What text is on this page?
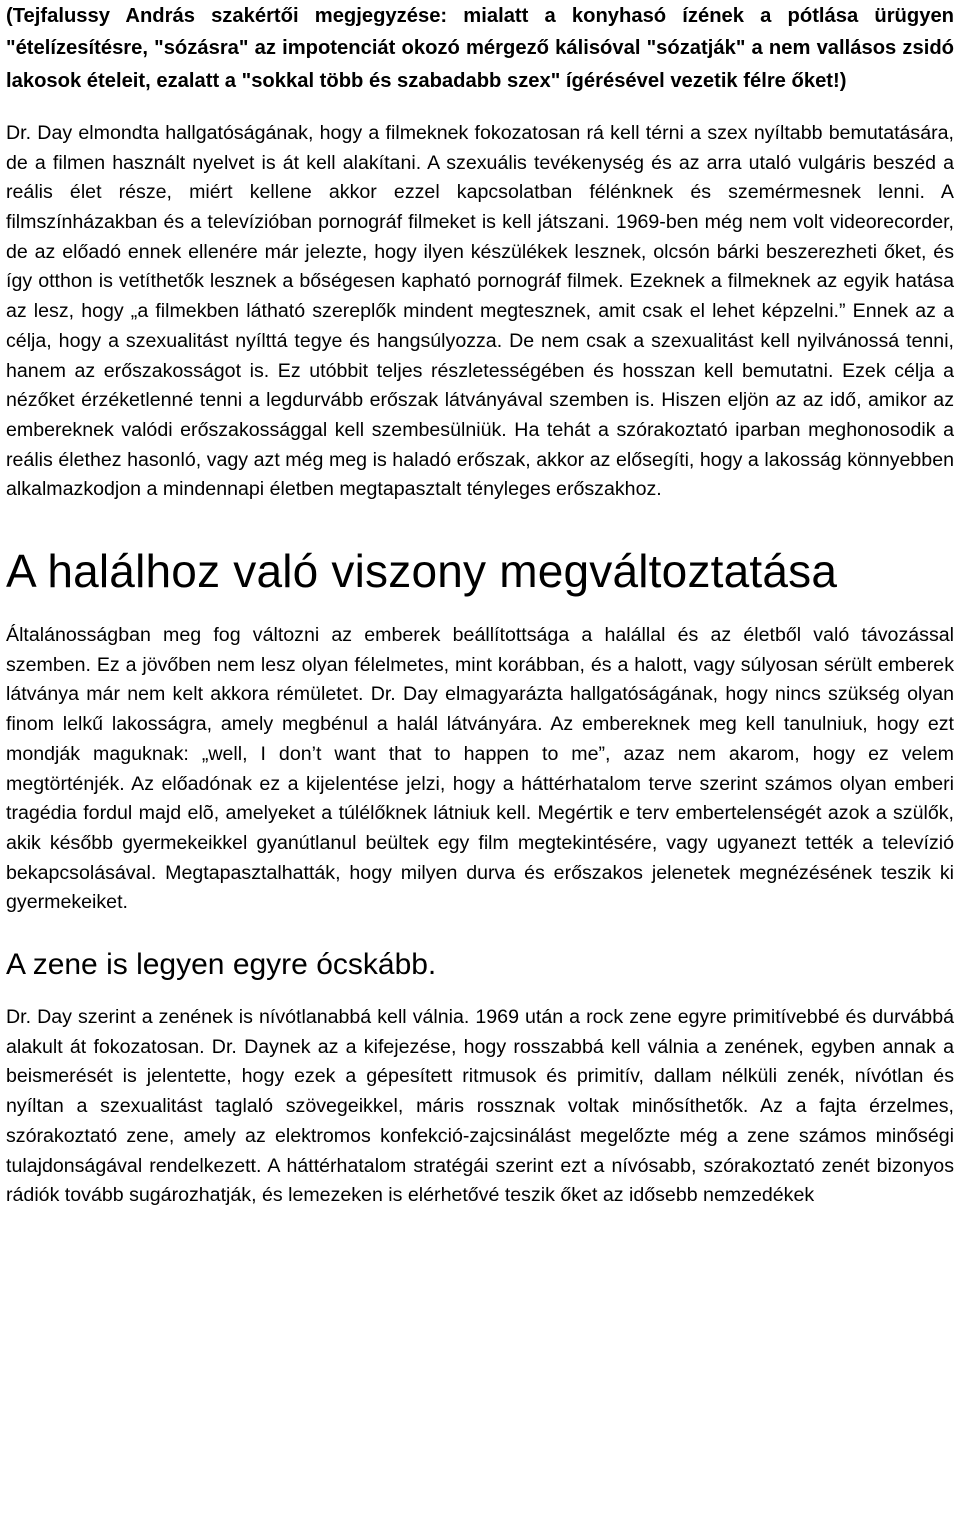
(Tejfalussy András szakértői megjegyzése: mialatt a konyhasó ízének a pótlása ürügyen "ételízesítésre, "sózásra" az impotenciát okozó mérgező kálisóval "sózatják" a nem vallásos zsidó lakosok ételeit, ezalatt a "sokkal több és szabadabb szex" ígérésével vezetik félre őket!)

Dr. Day elmondta hallgatóságának, hogy a filmeknek fokozatosan rá kell térni a szex nyíltabb bemutatására, de a filmen használt nyelvet is át kell alakítani. A szexuális tevékenység és az arra utaló vulgáris beszéd a reális élet része, miért kellene akkor ezzel kapcsolatban félénknek és szemérmesnek lenni. A filmszínházakban és a televízióban pornográf filmeket is kell játszani. 1969-ben még nem volt videorecorder, de az előadó ennek ellenére már jelezte, hogy ilyen készülékek lesznek, olcsón bárki beszerezheti őket, és így otthon is vetíthetők lesznek a bőségesen kapható pornográf filmek. Ezeknek a filmeknek az egyik hatása az lesz, hogy „a filmekben látható szereplők mindent megtesznek, amit csak el lehet képzelni.” Ennek az a célja, hogy a szexualitást nyílttá tegye és hangsúlyozza. De nem csak a szexualitást kell nyilvánossá tenni, hanem az erőszakosságot is. Ez utóbbit teljes részletességében és hosszan kell bemutatni. Ezek célja a nézőket érzéketlenné tenni a legdurvább erőszak látványával szemben is. Hiszen eljön az az idő, amikor az embereknek valódi erőszakossággal kell szembesülniük. Ha tehát a szórakoztató iparban meghonosodik a reális élethez hasonló, vagy azt még meg is haladó erőszak, akkor az elősegíti, hogy a lakosság könnyebben alkalmazkodjon a mindennapi életben megtapasztalt tényleges erőszakhoz.

A halálhoz való viszony megváltoztatása

Általánosságban meg fog változni az emberek beállítottsága a halállal és az életből való távozással szemben. Ez a jövőben nem lesz olyan félelmetes, mint korábban, és a halott, vagy súlyosan sérült emberek látványa már nem kelt akkora rémületet. Dr. Day elmagyarázta hallgatóságának, hogy nincs szükség olyan finom lelkű lakosságra, amely megbénul a halál látványára. Az embereknek meg kell tanulniuk, hogy ezt mondják maguknak: „well, I don’t want that to happen to me”, azaz nem akarom, hogy ez velem megtörténjék. Az előadónak ez a kijelentése jelzi, hogy a háttérhatalom terve szerint számos olyan emberi tragédia fordul majd elõ, amelyeket a túlélőknek látniuk kell. Megértik e terv embertelenségét azok a szülők, akik később gyermekeikkel gyanútlanul beültek egy film megtekintésére, vagy ugyanezt tették a televízió bekapcsolásával. Megtapasztalhatták, hogy milyen durva és erőszakos jelenetek megnézésének teszik ki gyermekeiket.

A zene is legyen egyre ócskább.

Dr. Day szerint a zenének is nívótlanabbá kell válnia. 1969 után a rock zene egyre primitívebbé és durvábbá alakult át fokozatosan. Dr. Daynek az a kifejezése, hogy rosszabbá kell válnia a zenének, egyben annak a beismerését is jelentette, hogy ezek a gépesített ritmusok és primitív, dallam nélküli zenék, nívótlan és nyíltan a szexualitást taglaló szövegeikkel, máris rossznak voltak minősíthetők. Az a fajta érzelmes, szórakoztató zene, amely az elektromos konfekció-zajcsinálást megelőzte még a zene számos minőségi tulajdonságával rendelkezett. A háttérhatalom stratégái szerint ezt a nívósabb, szórakoztató zenét bizonyos rádiók tovább sugározhatják, és lemezeken is elérhetővé teszik őket az idősebb nemzedékek
